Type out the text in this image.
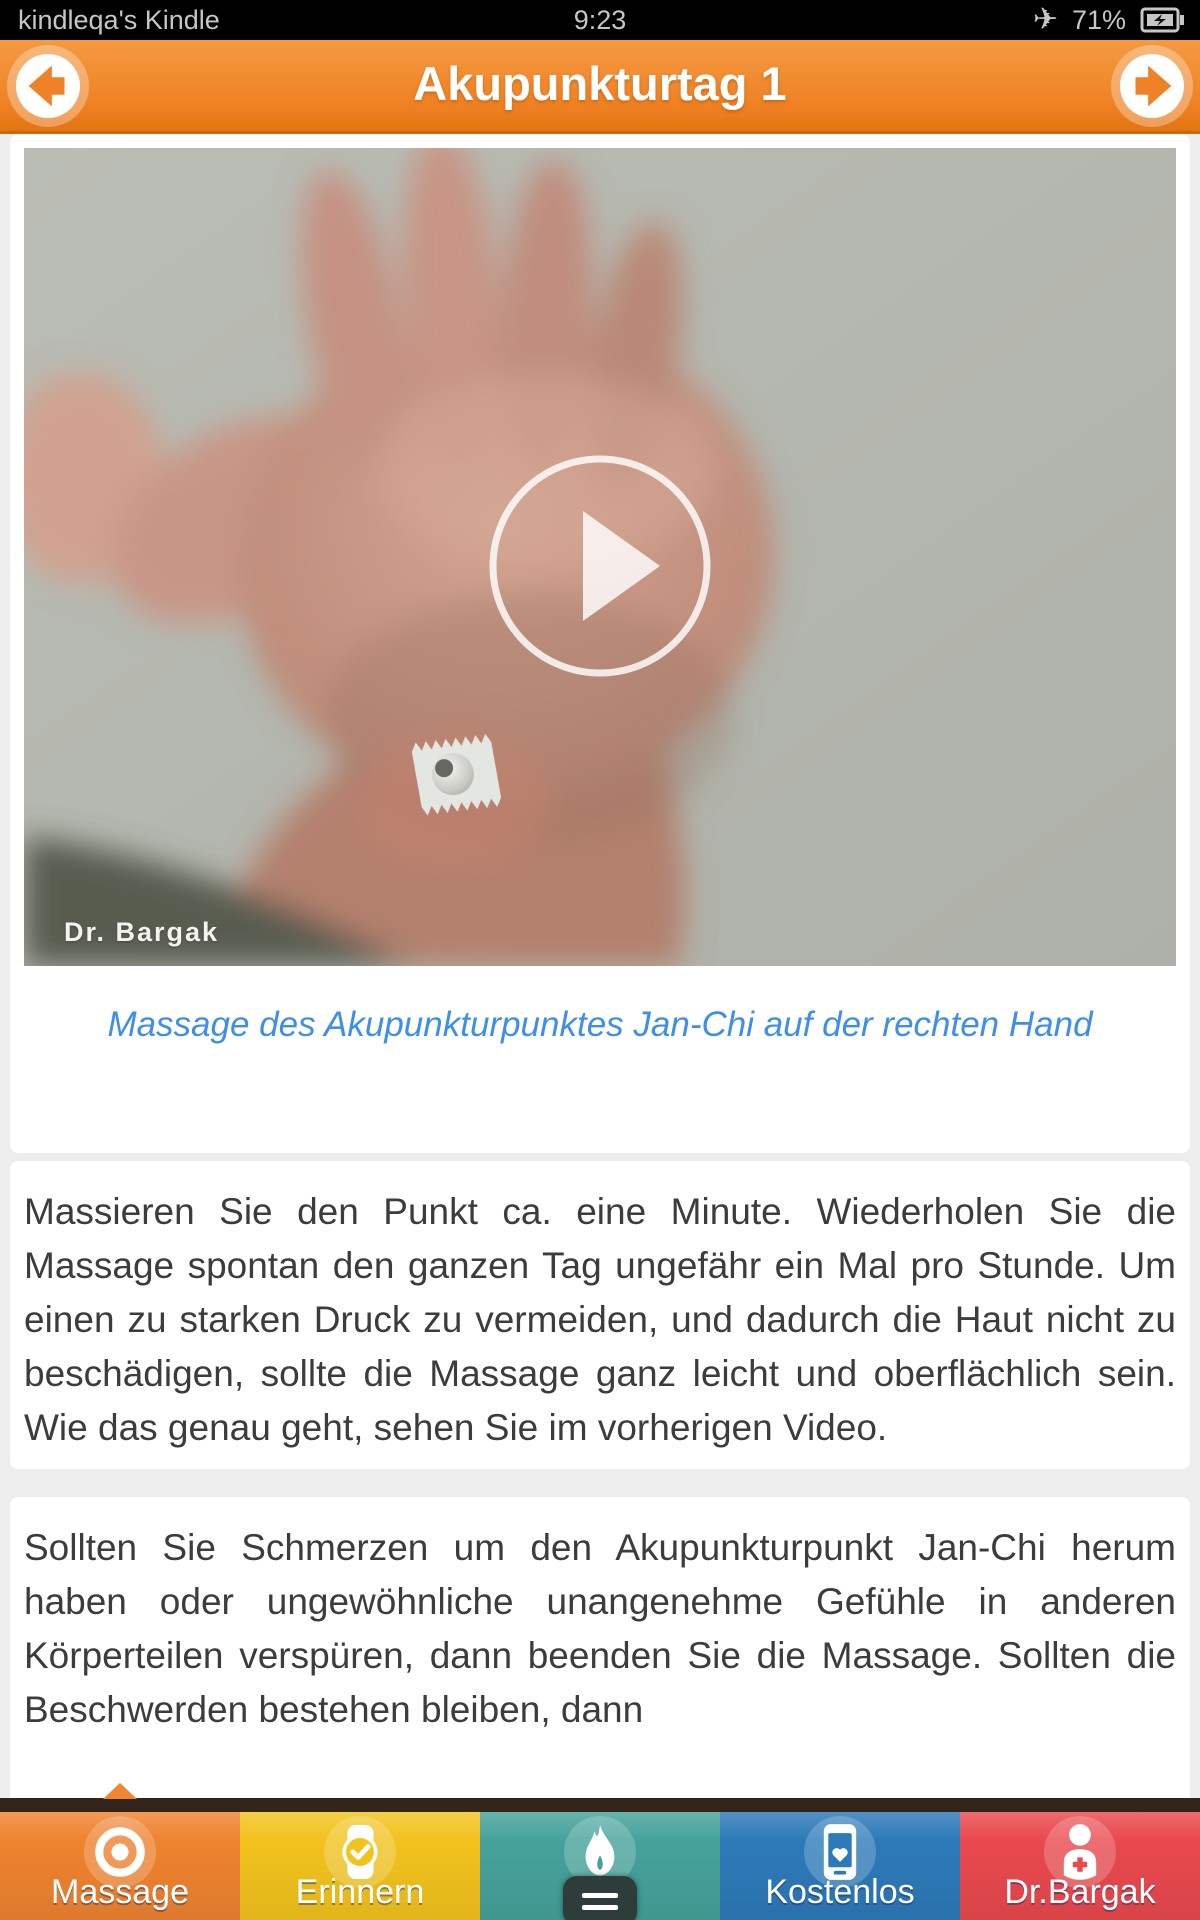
kindleqa's Kindle	9:23	✈ 71%
Akupunkturtag 1
Dr. Bargak

Massage des Akupunkturpunktes Jan-Chi auf der rechten Hand

Massieren Sie den Punkt ca. eine Minute. Wiederholen Sie die Massage spontan den ganzen Tag ungefähr ein Mal pro Stunde. Um einen zu starken Druck zu vermeiden, und dadurch die Haut nicht zu beschädigen, sollte die Massage ganz leicht und oberflächlich sein. Wie das genau geht, sehen Sie im vorherigen Video.

Sollten Sie Schmerzen um den Akupunkturpunkt Jan-Chi herum haben oder ungewöhnliche unangenehme Gefühle in anderen Körperteilen verspüren, dann beenden Sie die Massage. Sollten die Beschwerden bestehen bleiben, dann

Massage	Erinnern	Kostenlos	Dr.Bargak
